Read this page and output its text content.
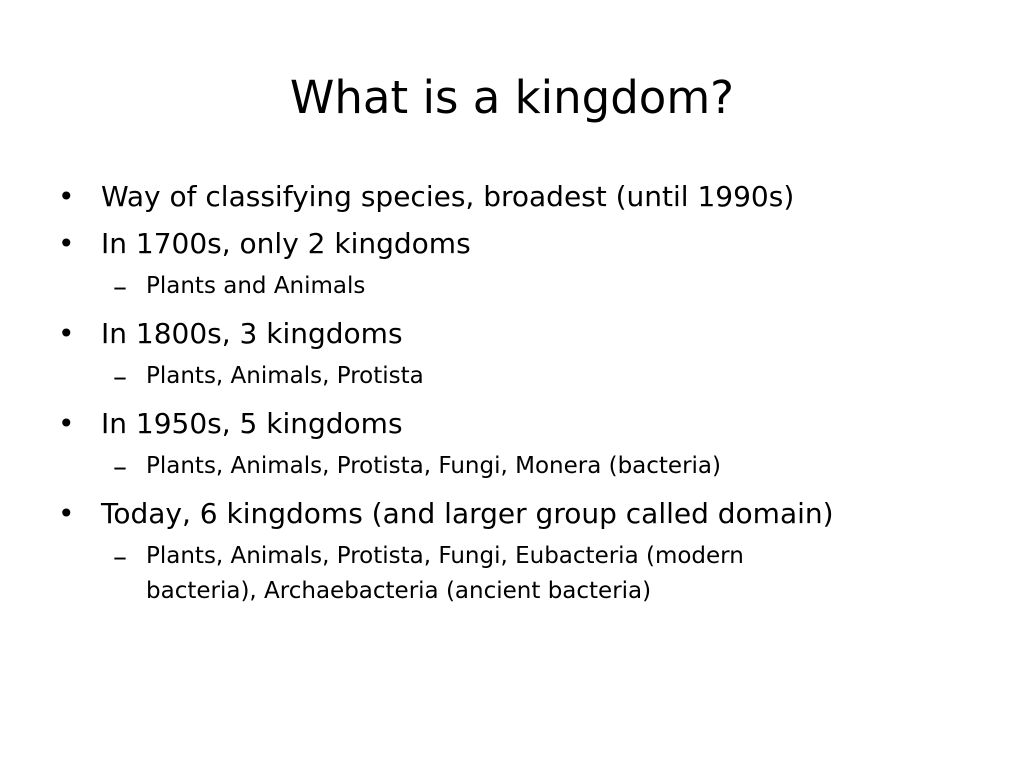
What is a kingdom?
• Way of classifying species, broadest (until 1990s)
• In 1700s, only 2 kingdoms
– Plants and Animals
• In 1800s, 3 kingdoms
– Plants, Animals, Protista
• In 1950s, 5 kingdoms
– Plants, Animals, Protista, Fungi, Monera (bacteria)
• Today, 6 kingdoms (and larger group called domain)
– Plants, Animals, Protista, Fungi, Eubacteria (modern bacteria), Archaebacteria (ancient bacteria)
